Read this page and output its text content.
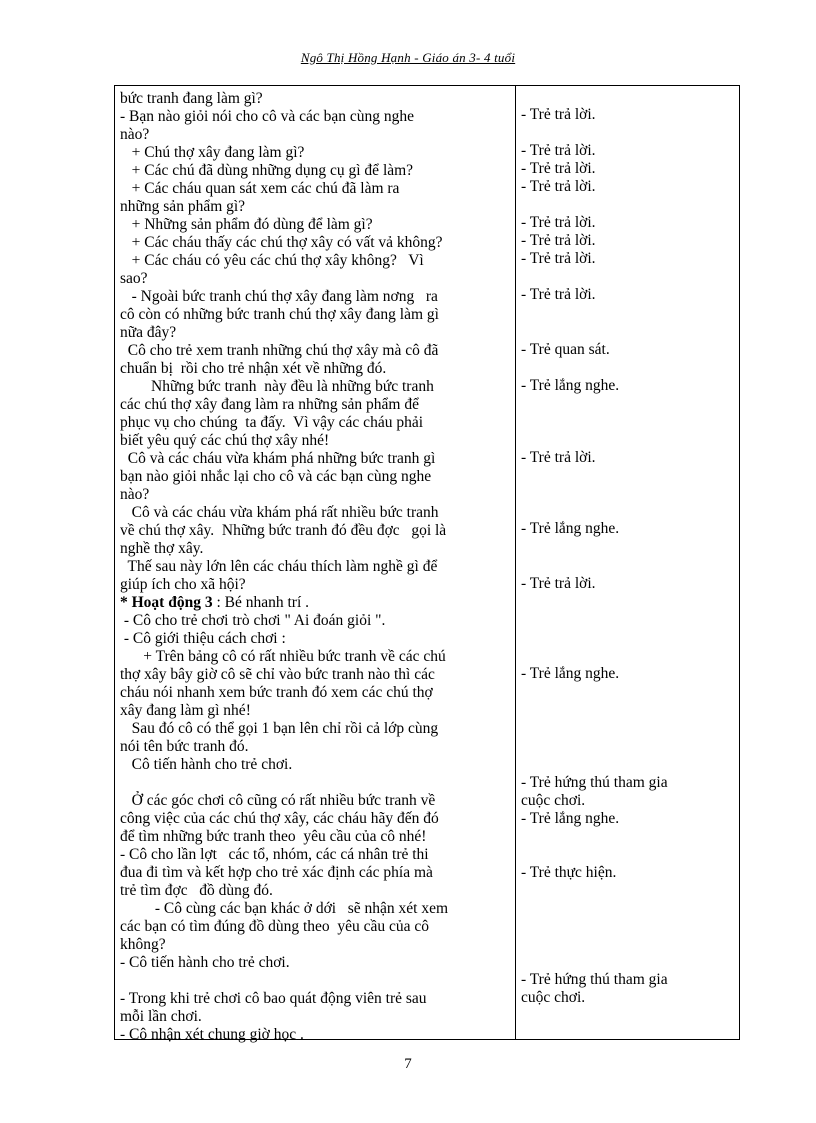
Ngô Thị Hồng Hạnh - Giáo án 3- 4 tuổi
bức tranh đang làm gì?
- Bạn nào giỏi nói cho cô và các bạn cùng nghe
nào?
+ Chú thợ xây đang làm gì?
+ Các chú đã dùng những dụng cụ gì để làm?
+ Các cháu quan sát xem các chú đã làm ra
những sản phẩm gì?
+ Những sản phẩm đó dùng để làm gì?
+ Các cháu thấy các chú thợ xây có vất vả không?
+ Các cháu có yêu các chú thợ xây không?   Vì
sao?
- Ngoài bức tranh chú thợ xây đang làm nơng   ra
cô còn có những bức tranh chú thợ xây đang làm gì
nữa đây?
Cô cho trẻ xem tranh những chú thợ xây mà cô đã
chuẩn bị  rồi cho trẻ nhận xét về những đó.
Những bức tranh  này đều là những bức tranh
các chú thợ xây đang làm ra những sản phẩm để
phục vụ cho chúng  ta đấy.  Vì vậy các cháu phải
biết yêu quý các chú thợ xây nhé!
Cô và các cháu vừa khám phá những bức tranh gì
bạn nào giỏi nhắc lại cho cô và các bạn cùng nghe
nào?
Cô và các cháu vừa khám phá rất nhiều bức tranh
về chú thợ xây.  Những bức tranh đó đều đợc   gọi là
nghề thợ xây.
Thế sau này lớn lên các cháu thích làm nghề gì để
giúp ích cho xã hội?
* Hoạt động 3 : Bé nhanh trí .
- Cô cho trẻ chơi trò chơi " Ai đoán giỏi ".
- Cô giới thiệu cách chơi :
+ Trên bảng cô có rất nhiều bức tranh về các chú
thợ xây bây giờ cô sẽ chỉ vào bức tranh nào thì các
cháu nói nhanh xem bức tranh đó xem các chú thợ
xây đang làm gì nhé!
Sau đó cô có thể gọi 1 bạn lên chỉ rồi cả lớp cùng
nói tên bức tranh đó.
Cô tiến hành cho trẻ chơi.
Ở các góc chơi cô cũng có rất nhiều bức tranh về
công việc của các chú thợ xây, các cháu hãy đến đó
để tìm những bức tranh theo  yêu cầu của cô nhé!
- Cô cho lần lợt   các tổ, nhóm, các cá nhân trẻ thi
đua đi tìm và kết hợp cho trẻ xác định các phía mà
trẻ tìm đợc   đồ dùng đó.
- Cô cùng các bạn khác ở dới   sẽ nhận xét xem
các bạn có tìm đúng đồ dùng theo  yêu cầu của cô
không?
- Cô tiến hành cho trẻ chơi.
- Trong khi trẻ chơi cô bao quát động viên trẻ sau
mỗi lần chơi.
- Cô nhận xét chung giờ học .
- Trẻ trả lời.
- Trẻ trả lời.
- Trẻ trả lời.
- Trẻ trả lời.
- Trẻ trả lời.
- Trẻ trả lời.
- Trẻ trả lời.
- Trẻ trả lời.
- Trẻ quan sát.
- Trẻ lắng nghe.
- Trẻ trả lời.
- Trẻ lắng nghe.
- Trẻ trả lời.
- Trẻ lắng nghe.
- Trẻ hứng thú tham gia
cuộc chơi.
- Trẻ lắng nghe.
- Trẻ thực hiện.
- Trẻ hứng thú tham gia
cuộc chơi.
7
